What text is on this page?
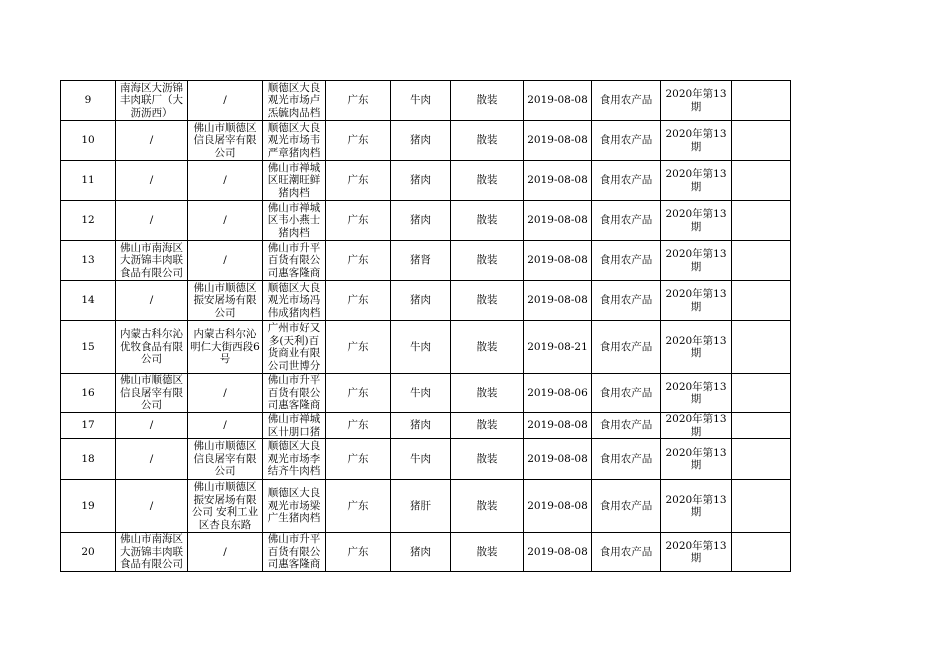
9	南海区大沥锦丰肉联厂（大沥沥西）	/	顺德区大良观光市场卢炁毓肉品档	广东	牛肉	散装	2019-08-08	食用农产品	2020年第13期	
10	/	佛山市顺德区信良屠宰有限公司	顺德区大良观光市场韦严章猪肉档	广东	猪肉	散装	2019-08-08	食用农产品	2020年第13期	
11	/	/	佛山市禅城区旺潮旺鲜猪肉档	广东	猪肉	散装	2019-08-08	食用农产品	2020年第13期	
12	/	/	佛山市禅城区韦小燕士猪肉档	广东	猪肉	散装	2019-08-08	食用农产品	2020年第13期	
13	佛山市南海区大沥锦丰肉联食品有限公司	/	佛山市升平百货有限公司惠客隆商	广东	猪肾	散装	2019-08-08	食用农产品	2020年第13期	
14	/	佛山市顺德区振安屠场有限公司	顺德区大良观光市场冯伟成猪肉档	广东	猪肉	散装	2019-08-08	食用农产品	2020年第13期	
15	内蒙古科尔沁优牧食品有限公司	内蒙古科尔沁明仁大街西段6号	广州市好又多(天利)百货商业有限公司世博分	广东	牛肉	散装	2019-08-21	食用农产品	2020年第13期	
16	佛山市顺德区信良屠宰有限公司	/	佛山市升平百货有限公司惠客隆商	广东	牛肉	散装	2019-08-06	食用农产品	2020年第13期	
17	/	/	佛山市禅城区卄朋口猪	广东	猪肉	散装	2019-08-08	食用农产品	2020年第13期	
18	/	佛山市顺德区信良屠宰有限公司	顺德区大良观光市场李结齐牛肉档	广东	牛肉	散装	2019-08-08	食用农产品	2020年第13期	
19	/	佛山市顺德区振安屠场有限公司 安利工业区杏良东路	顺德区大良观光市场梁广生猪肉档	广东	猪肝	散装	2019-08-08	食用农产品	2020年第13期	
20	佛山市南海区大沥锦丰肉联食品有限公司	/	佛山市升平百货有限公司惠客隆商	广东	猪肉	散装	2019-08-08	食用农产品	2020年第13期	
